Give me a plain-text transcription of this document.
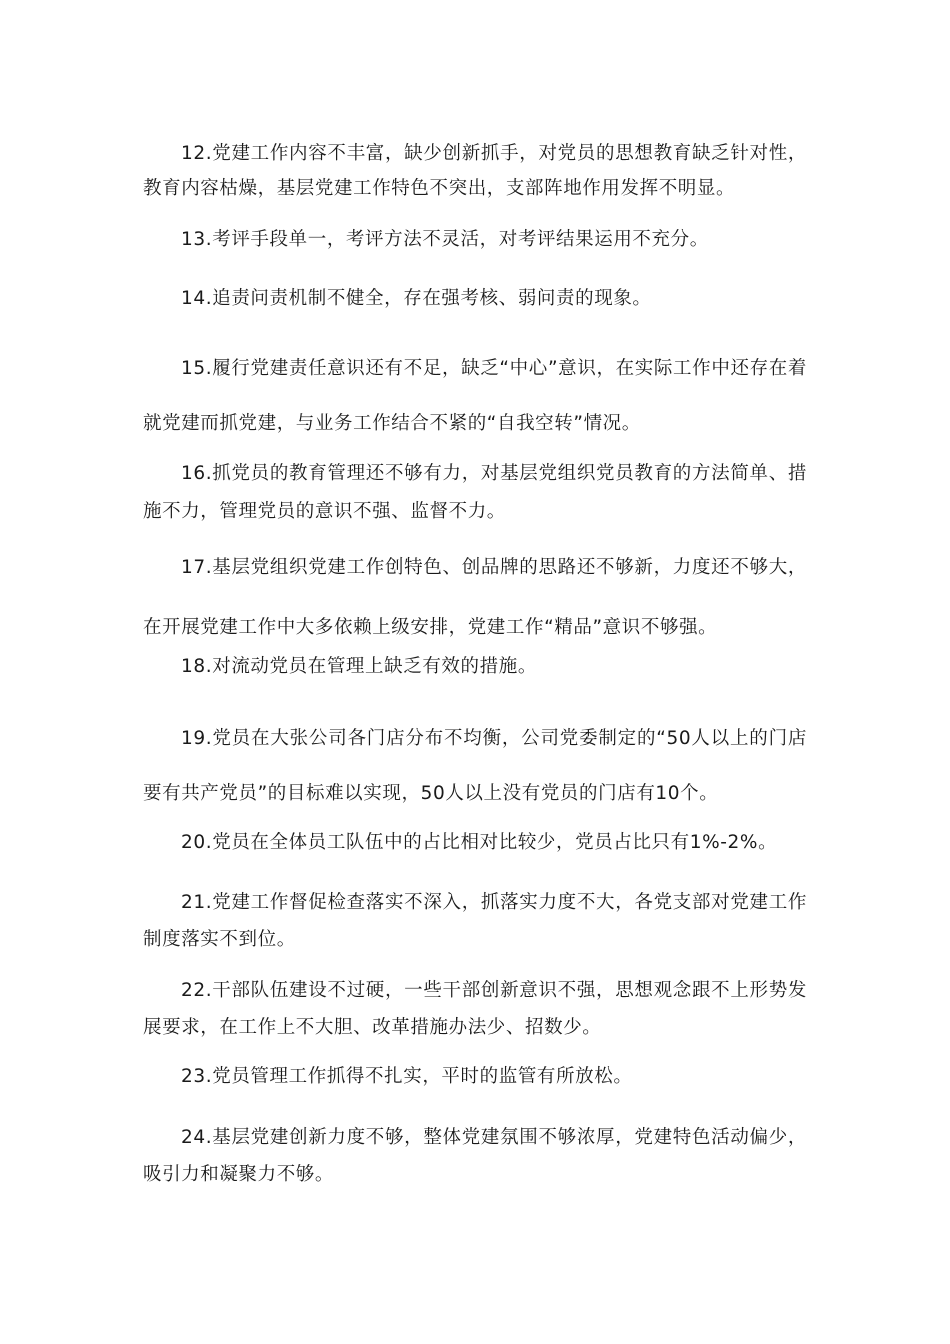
12.党建工作内容不丰富，缺少创新抓手，对党员的思想教育缺乏针对性，教育内容枯燥，基层党建工作特色不突出，支部阵地作用发挥不明显。

13.考评手段单一，考评方法不灵活，对考评结果运用不充分。

14.追责问责机制不健全，存在强考核、弱问责的现象。

15.履行党建责任意识还有不足，缺乏“中心”意识，在实际工作中还存在着就党建而抓党建，与业务工作结合不紧的“自我空转”情况。

16.抓党员的教育管理还不够有力，对基层党组织党员教育的方法简单、措施不力，管理党员的意识不强、监督不力。

17.基层党组织党建工作创特色、创品牌的思路还不够新，力度还不够大，在开展党建工作中大多依赖上级安排，党建工作“精品”意识不够强。

18.对流动党员在管理上缺乏有效的措施。

19.党员在大张公司各门店分布不均衡，公司党委制定的“50人以上的门店要有共产党员”的目标难以实现，50人以上没有党员的门店有10个。

20.党员在全体员工队伍中的占比相对比较少，党员占比只有1%-2%。

21.党建工作督促检查落实不深入，抓落实力度不大，各党支部对党建工作制度落实不到位。

22.干部队伍建设不过硬，一些干部创新意识不强，思想观念跟不上形势发展要求，在工作上不大胆、改革措施办法少、招数少。

23.党员管理工作抓得不扎实，平时的监管有所放松。

24.基层党建创新力度不够，整体党建氛围不够浓厚，党建特色活动偏少，吸引力和凝聚力不够。
